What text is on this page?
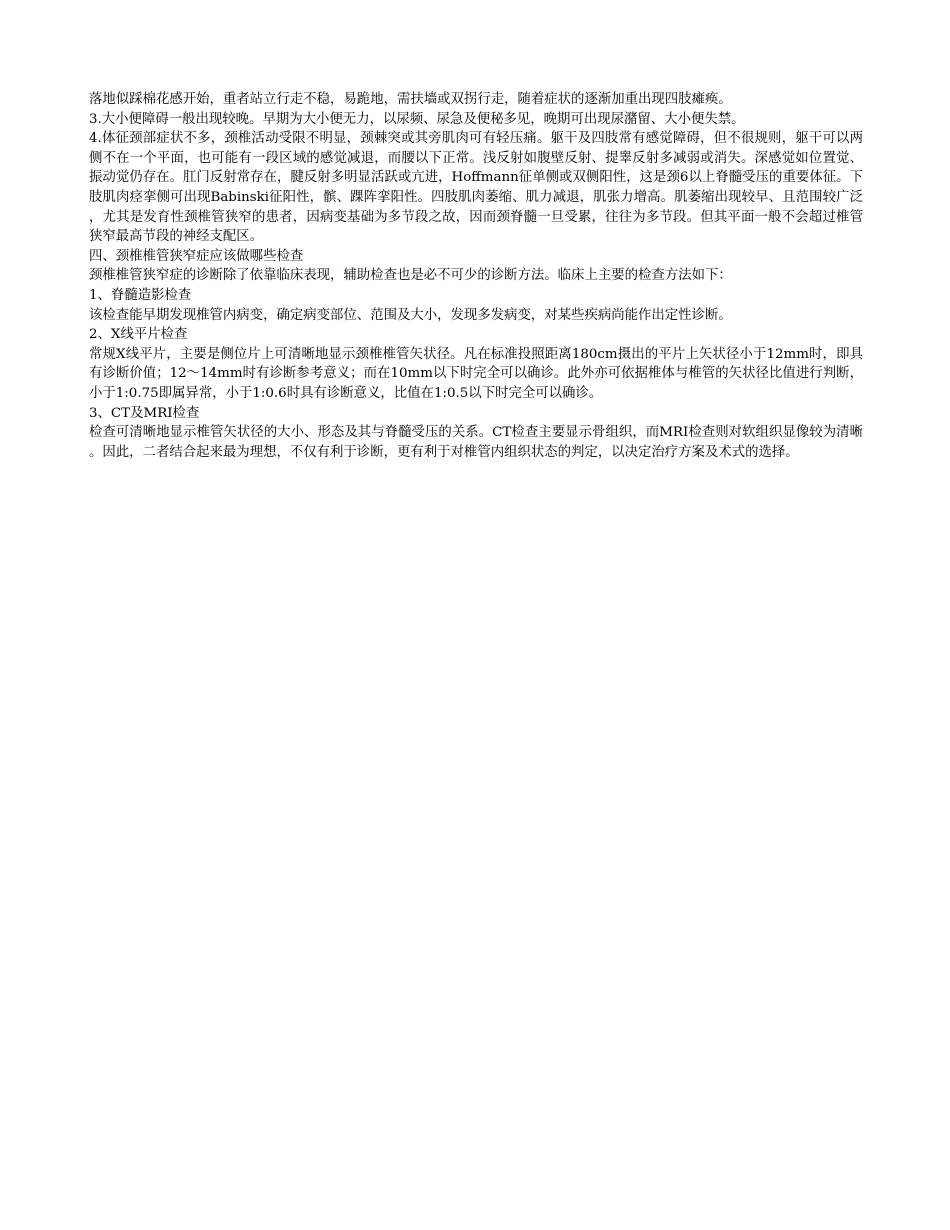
落地似踩棉花感开始，重者站立行走不稳，易跪地，需扶墙或双拐行走，随着症状的逐渐加重出现四肢瘫痪。

3.大小便障碍一般出现较晚。早期为大小便无力，以尿频、尿急及便秘多见，晚期可出现尿潴留、大小便失禁。

4.体征颈部症状不多，颈椎活动受限不明显，颈棘突或其旁肌肉可有轻压痛。躯干及四肢常有感觉障碍，但不很规则，躯干可以两侧不在一个平面，也可能有一段区域的感觉减退，而腰以下正常。浅反射如腹壁反射、提睾反射多减弱或消失。深感觉如位置觉、振动觉仍存在。肛门反射常存在，腱反射多明显活跃或亢进，Hoffmann征单侧或双侧阳性，这是颈6以上脊髓受压的重要体征。下肢肌肉痉挛侧可出现Babinski征阳性，髌、踝阵挛阳性。四肢肌肉萎缩、肌力减退，肌张力增高。肌萎缩出现较早、且范围较广泛，尤其是发育性颈椎管狭窄的患者，因病变基础为多节段之故，因而颈脊髓一旦受累，往往为多节段。但其平面一般不会超过椎管狭窄最高节段的神经支配区。

四、颈椎椎管狭窄症应该做哪些检查

颈椎椎管狭窄症的诊断除了依靠临床表现，辅助检查也是必不可少的诊断方法。临床上主要的检查方法如下：

1、脊髓造影检查

该检查能早期发现椎管内病变，确定病变部位、范围及大小，发现多发病变，对某些疾病尚能作出定性诊断。

2、X线平片检查

常规X线平片，主要是侧位片上可清晰地显示颈椎椎管矢状径。凡在标准投照距离180cm摄出的平片上矢状径小于12mm时，即具有诊断价值；12～14mm时有诊断参考意义；而在10mm以下时完全可以确诊。此外亦可依据椎体与椎管的矢状径比值进行判断，小于1:0.75即属异常，小于1:0.6时具有诊断意义，比值在1:0.5以下时完全可以确诊。

3、CT及MRI检查

检查可清晰地显示椎管矢状径的大小、形态及其与脊髓受压的关系。CT检查主要显示骨组织，而MRI检查则对软组织显像较为清晰。因此，二者结合起来最为理想，不仅有利于诊断，更有利于对椎管内组织状态的判定，以决定治疗方案及术式的选择。
